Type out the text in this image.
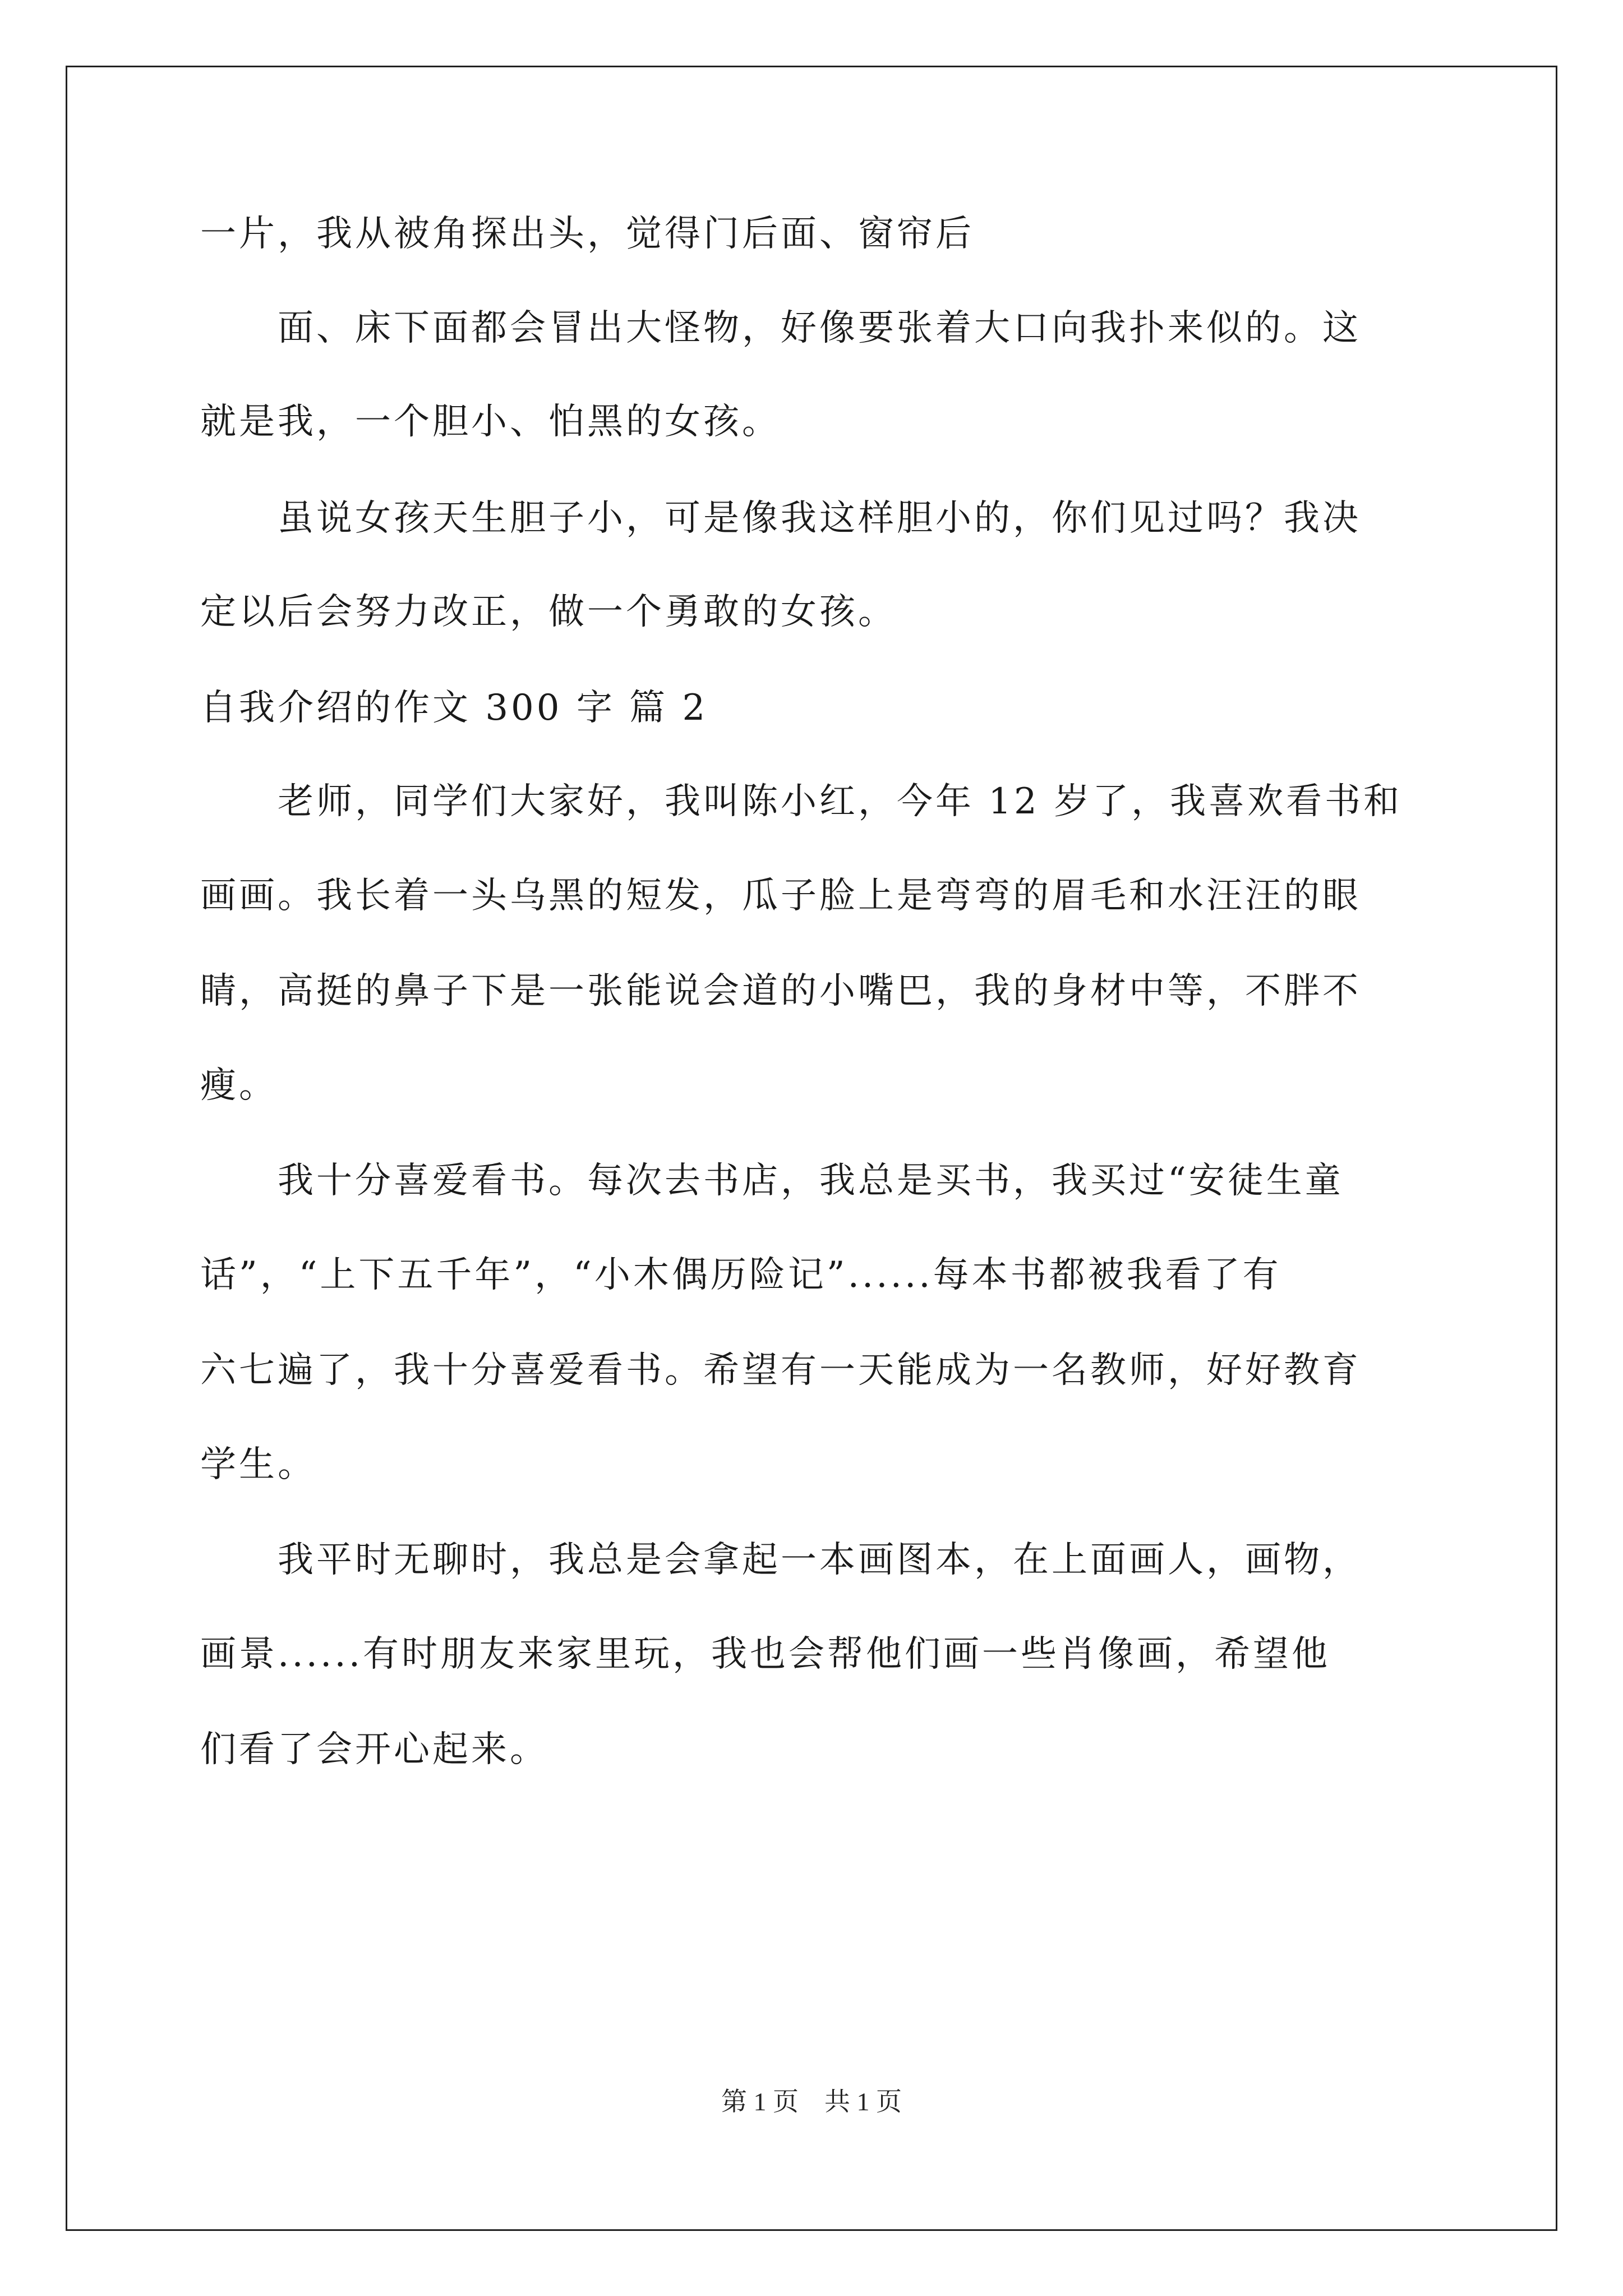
一片，我从被角探出头，觉得门后面、窗帘后
　　面、床下面都会冒出大怪物，好像要张着大口向我扑来似的。这
就是我，一个胆小、怕黑的女孩。
　　虽说女孩天生胆子小，可是像我这样胆小的，你们见过吗？我决
定以后会努力改正，做一个勇敢的女孩。
自我介绍的作文 300 字 篇 2
　　老师，同学们大家好，我叫陈小红，今年 12 岁了，我喜欢看书和
画画。我长着一头乌黑的短发，瓜子脸上是弯弯的眉毛和水汪汪的眼
睛，高挺的鼻子下是一张能说会道的小嘴巴，我的身材中等，不胖不
瘦。
　　我十分喜爱看书。每次去书店，我总是买书，我买过“安徒生童
话”，“上下五千年”，“小木偶历险记”......每本书都被我看了有
六七遍了，我十分喜爱看书。希望有一天能成为一名教师，好好教育
学生。
　　我平时无聊时，我总是会拿起一本画图本，在上面画人，画物，
画景......有时朋友来家里玩，我也会帮他们画一些肖像画，希望他
们看了会开心起来。
第 1 页　共 1 页
